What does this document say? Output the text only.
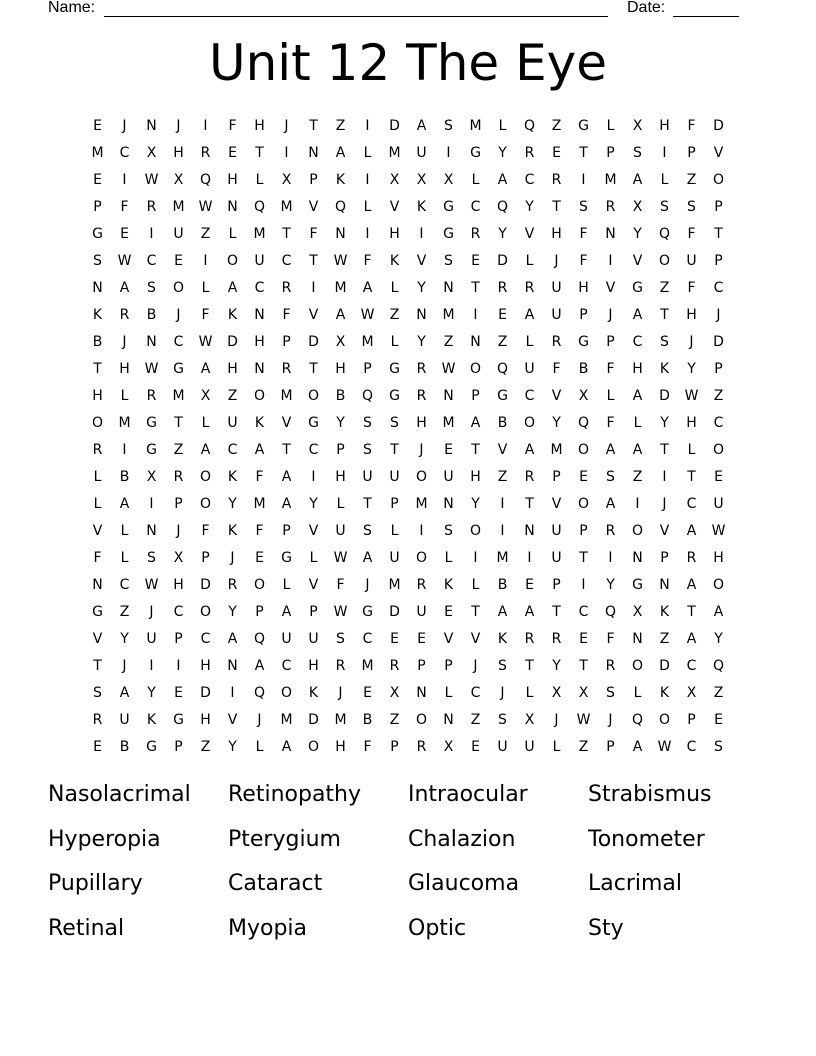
Name:	Date:
Unit 12 The Eye
E	J	N	J	I	F	H	J	T	Z	I	D	A	S	M	L	Q	Z	G	L	X	H	F	D
M	C	X	H	R	E	T	I	N	A	L	M	U	I	G	Y	R	E	T	P	S	I	P	V
E	I	W	X	Q	H	L	X	P	K	I	X	X	X	L	A	C	R	I	M	A	L	Z	O
P	F	R	M	W	N	Q	M	V	Q	L	V	K	G	C	Q	Y	T	S	R	X	S	S	P
G	E	I	U	Z	L	M	T	F	N	I	H	I	G	R	Y	V	H	F	N	Y	Q	F	T
S	W	C	E	I	O	U	C	T	W	F	K	V	S	E	D	L	J	F	I	V	O	U	P
N	A	S	O	L	A	C	R	I	M	A	L	Y	N	T	R	R	U	H	V	G	Z	F	C
K	R	B	J	F	K	N	F	V	A	W	Z	N	M	I	E	A	U	P	J	A	T	H	J
B	J	N	C	W	D	H	P	D	X	M	L	Y	Z	N	Z	L	R	G	P	C	S	J	D
T	H	W	G	A	H	N	R	T	H	P	G	R	W	O	Q	U	F	B	F	H	K	Y	P
H	L	R	M	X	Z	O	M	O	B	Q	G	R	N	P	G	C	V	X	L	A	D	W	Z
O	M	G	T	L	U	K	V	G	Y	S	S	H	M	A	B	O	Y	Q	F	L	Y	H	C
R	I	G	Z	A	C	A	T	C	P	S	T	J	E	T	V	A	M	O	A	A	T	L	O
L	B	X	R	O	K	F	A	I	H	U	U	O	U	H	Z	R	P	E	S	Z	I	T	E
L	A	I	P	O	Y	M	A	Y	L	T	P	M	N	Y	I	T	V	O	A	I	J	C	U
V	L	N	J	F	K	F	P	V	U	S	L	I	S	O	I	N	U	P	R	O	V	A	W
F	L	S	X	P	J	E	G	L	W	A	U	O	L	I	M	I	U	T	I	N	P	R	H
N	C	W	H	D	R	O	L	V	F	J	M	R	K	L	B	E	P	I	Y	G	N	A	O
G	Z	J	C	O	Y	P	A	P	W	G	D	U	E	T	A	A	T	C	Q	X	K	T	A
V	Y	U	P	C	A	Q	U	U	S	C	E	E	V	V	K	R	R	E	F	N	Z	A	Y
T	J	I	I	H	N	A	C	H	R	M	R	P	P	J	S	T	Y	T	R	O	D	C	Q
S	A	Y	E	D	I	Q	O	K	J	E	X	N	L	C	J	L	X	X	S	L	K	X	Z
R	U	K	G	H	V	J	M	D	M	B	Z	O	N	Z	S	X	J	W	J	Q	O	P	E
E	B	G	P	Z	Y	L	A	O	H	F	P	R	X	E	U	U	L	Z	P	A	W	C	S
Nasolacrimal	Retinopathy	Intraocular	Strabismus
Hyperopia	Pterygium	Chalazion	Tonometer
Pupillary	Cataract	Glaucoma	Lacrimal
Retinal	Myopia	Optic	Sty
